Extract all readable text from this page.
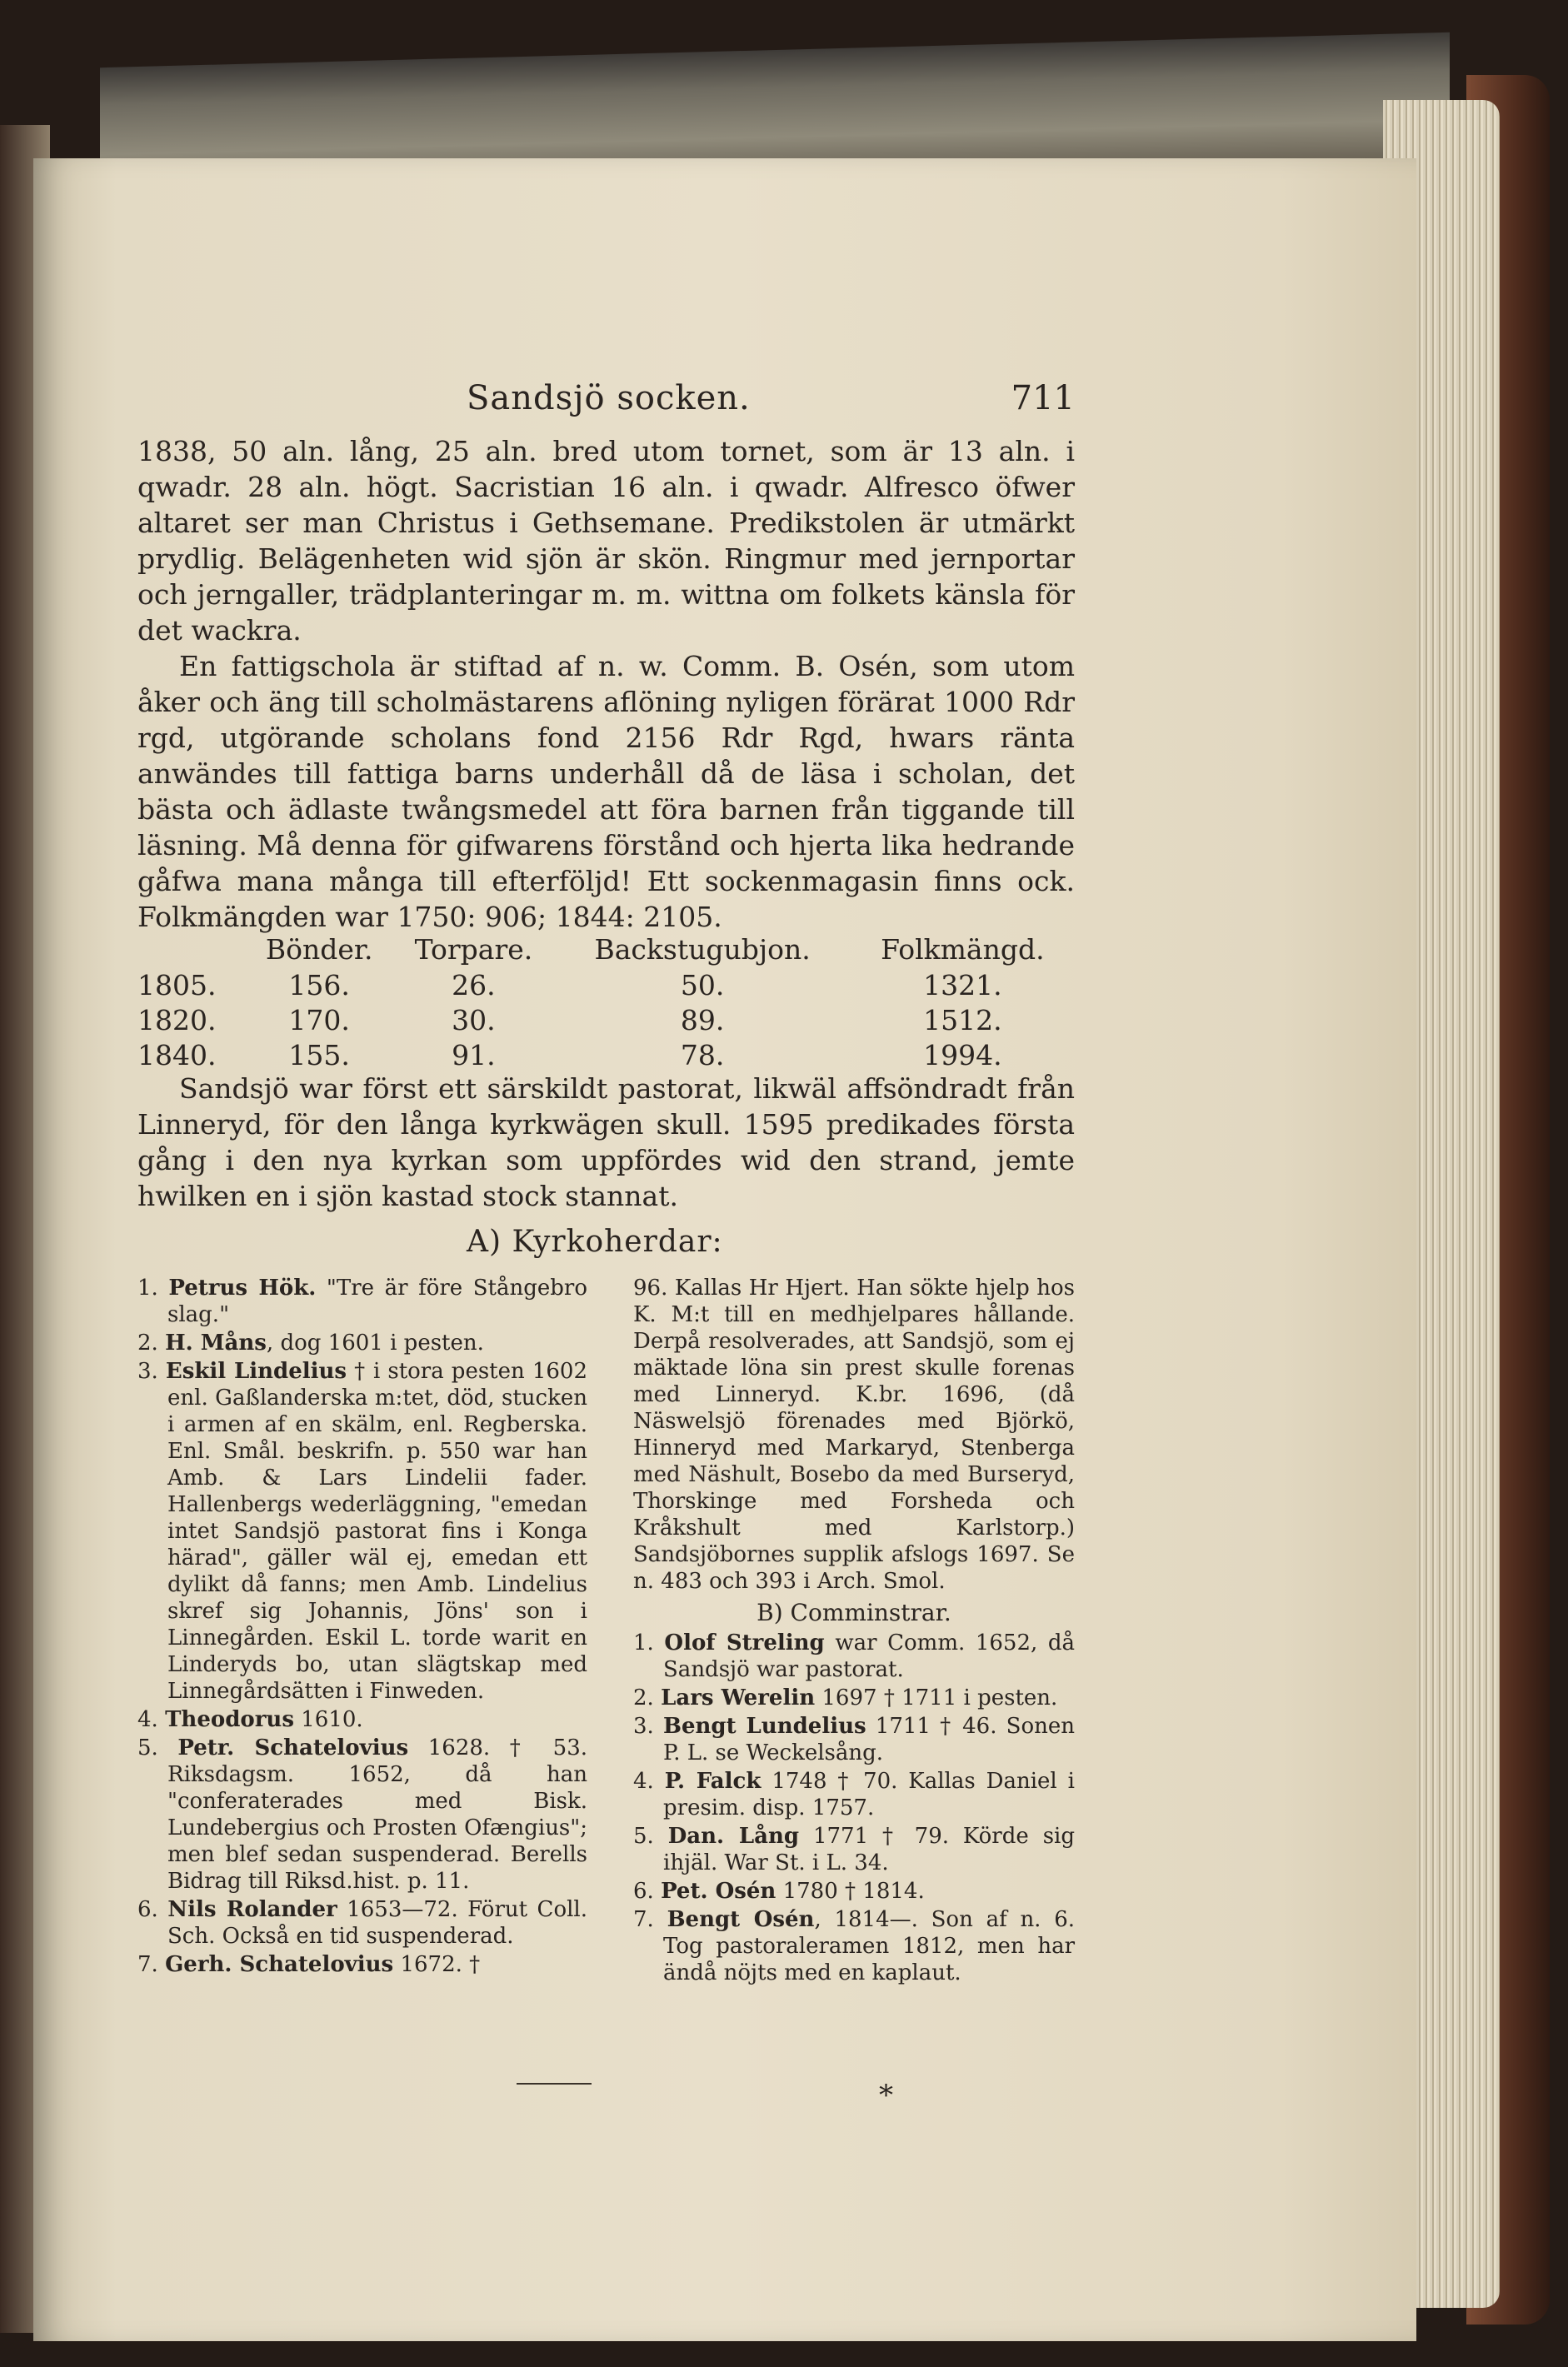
Sandsjö socken.	711

1838, 50 aln. lång, 25 aln. bred utom tornet, som är 13 aln. i qwadr. 28 aln. högt. Sacristian 16 aln. i qwadr. Alfresco öfwer altaret ser man Christus i Gethsemane. Predikstolen är utmärkt prydlig. Belägenheten wid sjön är skön. Ringmur med jernportar och jerngaller, trädplanteringar m. m. wittna om folkets känsla för det wackra.

En fattigschola är stiftad af n. w. Comm. B. Osén, som utom åker och äng till scholmästarens aflöning nyligen förärat 1000 Rdr rgd, utgörande scholans fond 2156 Rdr Rgd, hwars ränta anwändes till fattiga barns underhåll då de läsa i scholan, det bästa och ädlaste twångsmedel att föra barnen från tiggande till läsning. Må denna för gifwarens förstånd och hjerta lika hedrande gåfwa mana många till efterföljd! Ett sockenmagasin finns ock. Folkmängden war 1750: 906; 1844: 2105.

	Bönder.	Torpare.	Backstugubjon.	Folkmängd.
1805.	156.	26.	50.	1321.
1820.	170.	30.	89.	1512.
1840.	155.	91.	78.	1994.

Sandsjö war först ett särskildt pastorat, likwäl affsöndradt från Linneryd, för den långa kyrkwägen skull. 1595 predikades första gång i den nya kyrkan som uppfördes wid den strand, jemte hwilken en i sjön kastad stock stannat.

A) Kyrkoherdar:

1. Petrus Hök. "Tre är före Stångebro slag."

2. H. Måns, dog 1601 i pesten.

3. Eskil Lindelius † i stora pesten 1602 enl. Gaßlanderska m:tet, död, stucken i armen af en skälm, enl. Regberska. Enl. Smål. beskrifn. p. 550 war han Amb. & Lars Lindelii fader. Hallenbergs wederläggning, "emedan intet Sandsjö pastorat fins i Konga härad", gäller wäl ej, emedan ett dylikt då fanns; men Amb. Lindelius skref sig Johannis, Jöns' son i Linnegården. Eskil L. torde warit en Linderyds bo, utan slägtskap med Linnegårdsätten i Finweden.

4. Theodorus 1610.

5. Petr. Schatelovius 1628. † 53. Riksdagsm. 1652, då han "conferaterades med Bisk. Lundebergius och Prosten Ofængius"; men blef sedan suspenderad. Berells Bidrag till Riksd.hist. p. 11.

6. Nils Rolander 1653—72. Förut Coll. Sch. Också en tid suspenderad.

7. Gerh. Schatelovius 1672. †

96. Kallas Hr Hjert. Han sökte hjelp hos K. M:t till en medhjelpares hållande. Derpå resolverades, att Sandsjö, som ej mäktade löna sin prest skulle forenas med Linneryd. K.br. 1696, (då Näswelsjö förenades med Björkö, Hinneryd med Markaryd, Stenberga med Näshult, Bosebo da med Burseryd, Thorskinge med Forsheda och Kråkshult med Karlstorp.) Sandsjöbornes supplik afslogs 1697. Se n. 483 och 393 i Arch. Smol.

B) Comminstrar.

1. Olof Streling war Comm. 1652, då Sandsjö war pastorat.

2. Lars Werelin 1697 † 1711 i pesten.

3. Bengt Lundelius 1711 † 46. Sonen P. L. se Weckelsång.

4. P. Falck 1748 † 70. Kallas Daniel i presim. disp. 1757.

5. Dan. Lång 1771 † 79. Körde sig ihjäl. War St. i L. 34.

6. Pet. Osén 1780 † 1814.

7. Bengt Osén, 1814—. Son af n. 6. Tog pastoraleramen 1812, men har ändå nöjts med en kaplaut.

*
